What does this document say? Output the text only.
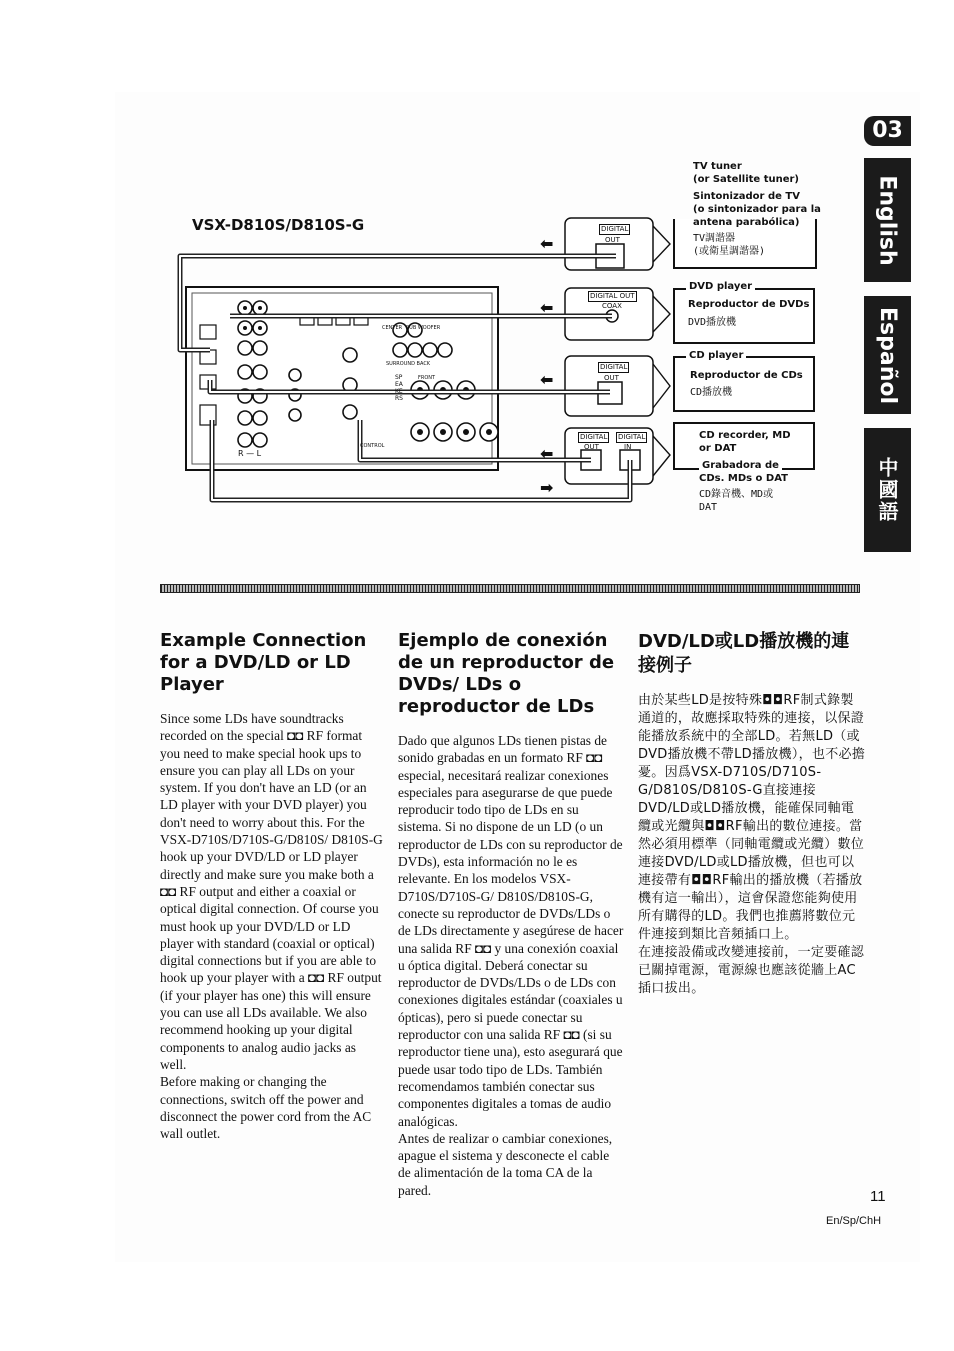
03
English
Español
中國語
VSX-D810S/D810S-G	DIGITAL
OUT
DIGITAL OUT
COAX
DIGITAL
OUT
DIGITAL
OUT
DIGITAL
IN
SPEAKERS
SURROUND BACK
FRONT
CENTER SUB WOOFER
CONTROL
R — L
TV tuner
(or Satellite tuner)
Sintonizador de TV
(o sintonizador para la
antena parabólica)
TV調諧器
(或衛星調諧器)
DVD player
Reproductor de DVDs
DVD播放機
CD player
Reproductor de CDs
CD播放機
CD recorder, MD
or DAT
Grabadora de
CDs. MDs o DAT
CD錄音機、MD或
DAT
⬅
⬅
⬅
⬅
➡
Example Connection for a DVD/LD or LD Player

Since some LDs have soundtracks recorded on the special ◘◘ RF format you need to make special hook ups to ensure you can play all LDs on your system. If you don't have an LD (or an LD player with your DVD player) you don't need to worry about this. For the VSX-D710S/D710S-G/D810S/ D810S-G hook up your DVD/LD or LD player directly and make sure you make both a ◘◘ RF output and either a coaxial or optical digital connection. Of course you must hook up your DVD/LD or LD player with standard (coaxial or optical) digital connections but if you are able to hook up your player with a ◘◘ RF output (if your player has one) this will ensure you can use all LDs available. We also recommend hooking up your digital components to analog audio jacks as well.
Before making or changing the connections, switch off the power and disconnect the power cord from the AC wall outlet.

Ejemplo de conexión de un reproductor de DVDs/ LDs o reproductor de LDs

Dado que algunos LDs tienen pistas de sonido grabadas en un formato RF ◘◘ especial, necesitará realizar conexiones especiales para asegurarse de que puede reproducir todo tipo de LDs en su sistema. Si no dispone de un LD (o un reproductor de LDs con su reproductor de DVDs), esta información no le es relevante. En los modelos VSX-D710S/D710S-G/ D810S/D810S-G, conecte su reproductor de DVDs/LDs o de LDs directamente y asegúrese de hacer una salida RF ◘◘ y una conexión coaxial u óptica digital. Deberá conectar su reproductor de DVDs/LDs o de LDs con conexiones digitales estándar (coaxiales u ópticas), pero si puede conectar su reproductor con una salida RF ◘◘ (si su reproductor tiene una), esto asegurará que puede usar todo tipo de LDs. También recomendamos también conectar sus componentes digitales a tomas de audio analógicas.
Antes de realizar o cambiar conexiones, apague el sistema y desconecte el cable de alimentación de la toma CA de la pared.

DVD/LD或LD播放機的連接例子

由於某些LD是按特殊◘◘RF制式錄製通道的，故應採取特殊的連接，以保證能播放系統中的全部LD。若無LD（或DVD播放機不帶LD播放機），也不必擔憂。因爲VSX-D710S/D710S-G/D810S/D810S-G直接連接DVD/LD或LD播放機，能確保同軸電纜或光纜與◘◘RF輸出的數位連接。當然必須用標準（同軸電纜或光纜）數位連接DVD/LD或LD播放機，但也可以連接帶有◘◘RF輸出的播放機（若播放機有這一輸出），這會保證您能夠使用所有購得的LD。我們也推薦將數位元件連接到類比音頻插口上。
在連接設備或改變連接前，一定要確認已關掉電源，電源線也應該從牆上AC插口拔出。

11
En/Sp/ChH
